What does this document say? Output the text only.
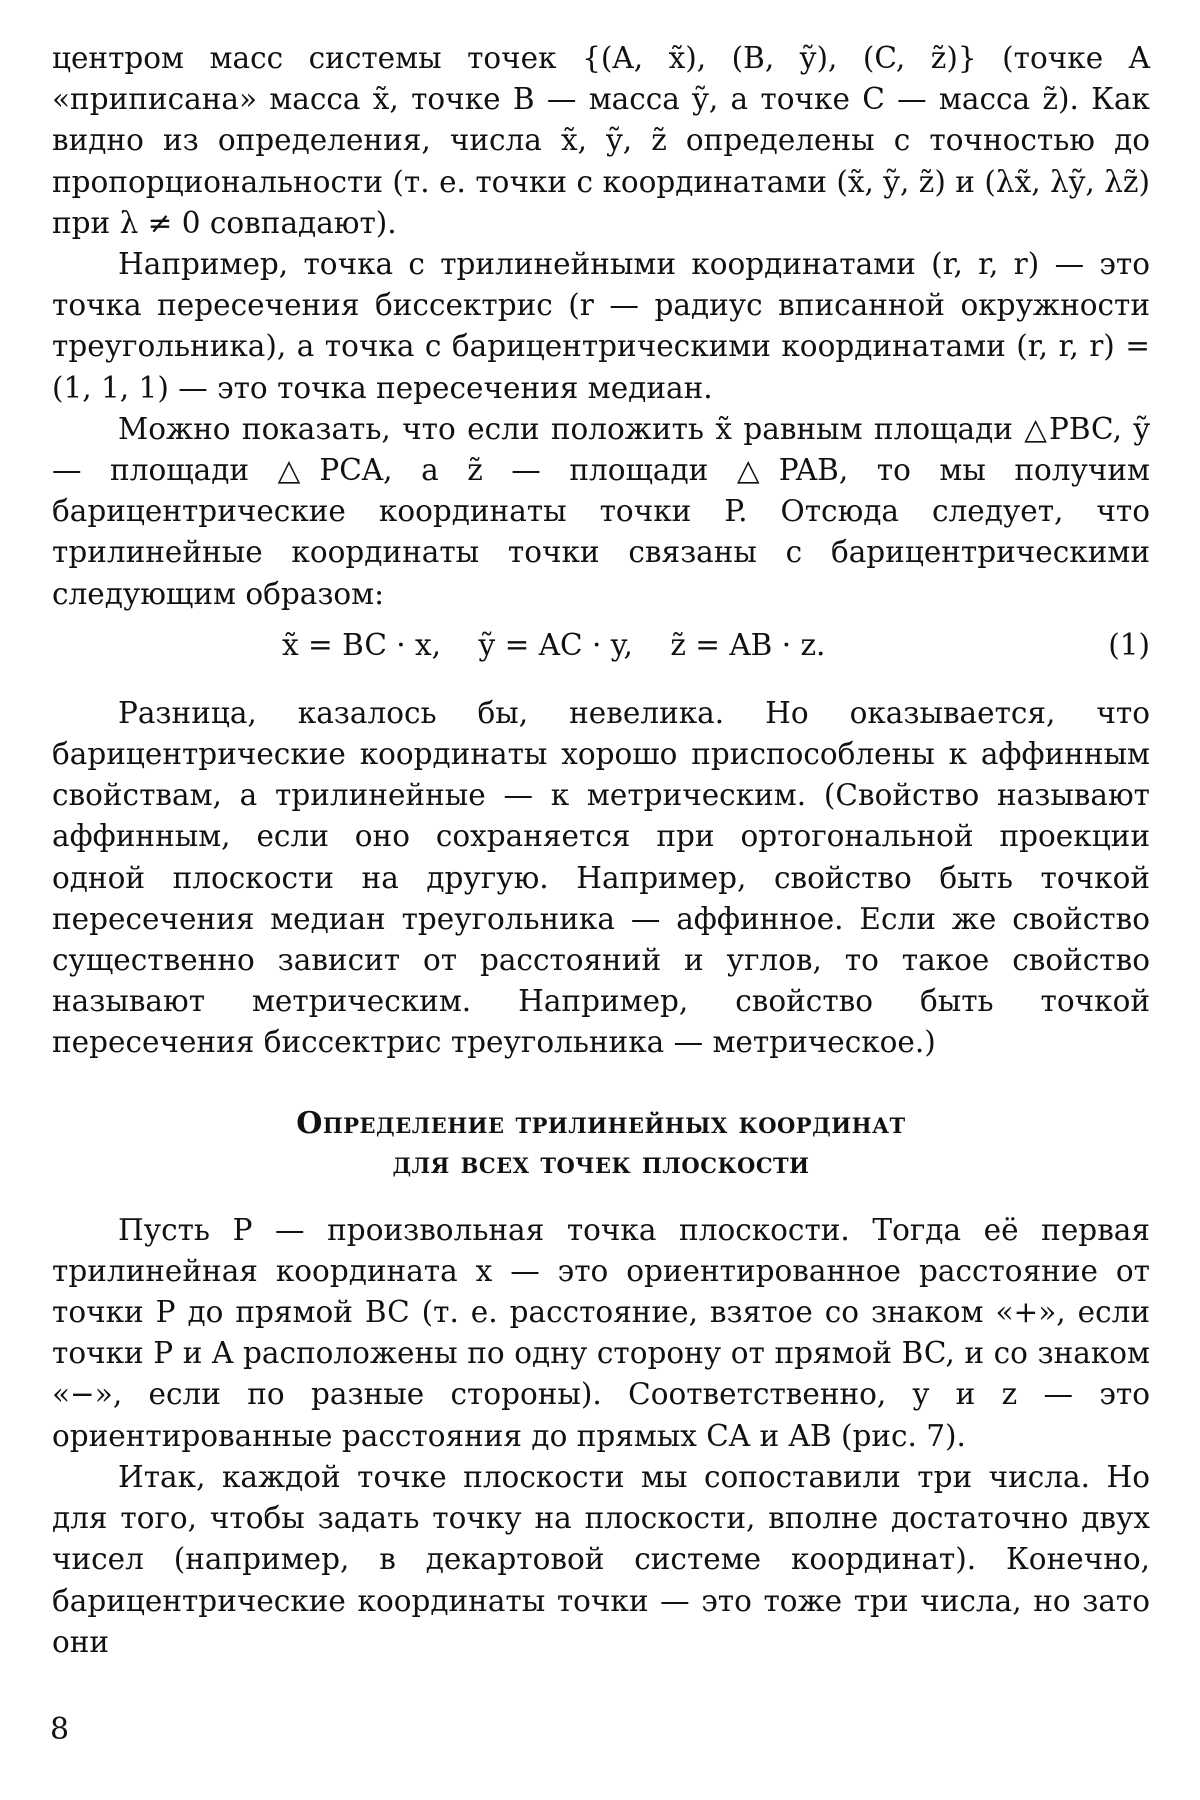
центром масс системы точек {(A, x̃), (B, ỹ), (C, z̃)} (точке A «приписана» масса x̃, точке B — масса ỹ, а точке C — масса z̃). Как видно из определения, числа x̃, ỹ, z̃ определены с точностью до пропорциональности (т. е. точки с координатами (x̃, ỹ, z̃) и (λx̃, λỹ, λz̃) при λ ≠ 0 совпадают).

Например, точка с трилинейными координатами (r, r, r) — это точка пересечения биссектрис (r — радиус вписанной окружности треугольника), а точка с барицентрическими координатами (r, r, r) = (1, 1, 1) — это точка пересечения медиан.

Можно показать, что если положить x̃ равным площади △PBC, ỹ — площади △PCA, а z̃ — площади △PAB, то мы получим барицентрические координаты точки P. Отсюда следует, что трилинейные координаты точки связаны с барицентрическими следующим образом:

x̃ = BC · x,    ỹ = AC · y,    z̃ = AB · z.	(1)

Разница, казалось бы, невелика. Но оказывается, что барицентрические координаты хорошо приспособлены к аффинным свойствам, а трилинейные — к метрическим. (Свойство называют аффинным, если оно сохраняется при ортогональной проекции одной плоскости на другую. Например, свойство быть точкой пересечения медиан треугольника — аффинное. Если же свойство существенно зависит от расстояний и углов, то такое свойство называют метрическим. Например, свойство быть точкой пересечения биссектрис треугольника — метрическое.)

Определение трилинейных координат
для всех точек плоскости

Пусть P — произвольная точка плоскости. Тогда её первая трилинейная координата x — это ориентированное расстояние от точки P до прямой BC (т. е. расстояние, взятое со знаком «+», если точки P и A расположены по одну сторону от прямой BC, и со знаком «−», если по разные стороны). Соответственно, y и z — это ориентированные расстояния до прямых CA и AB (рис. 7).

Итак, каждой точке плоскости мы сопоставили три числа. Но для того, чтобы задать точку на плоскости, вполне достаточно двух чисел (например, в декартовой системе координат). Конечно, барицентрические координаты точки — это тоже три числа, но зато они

8
